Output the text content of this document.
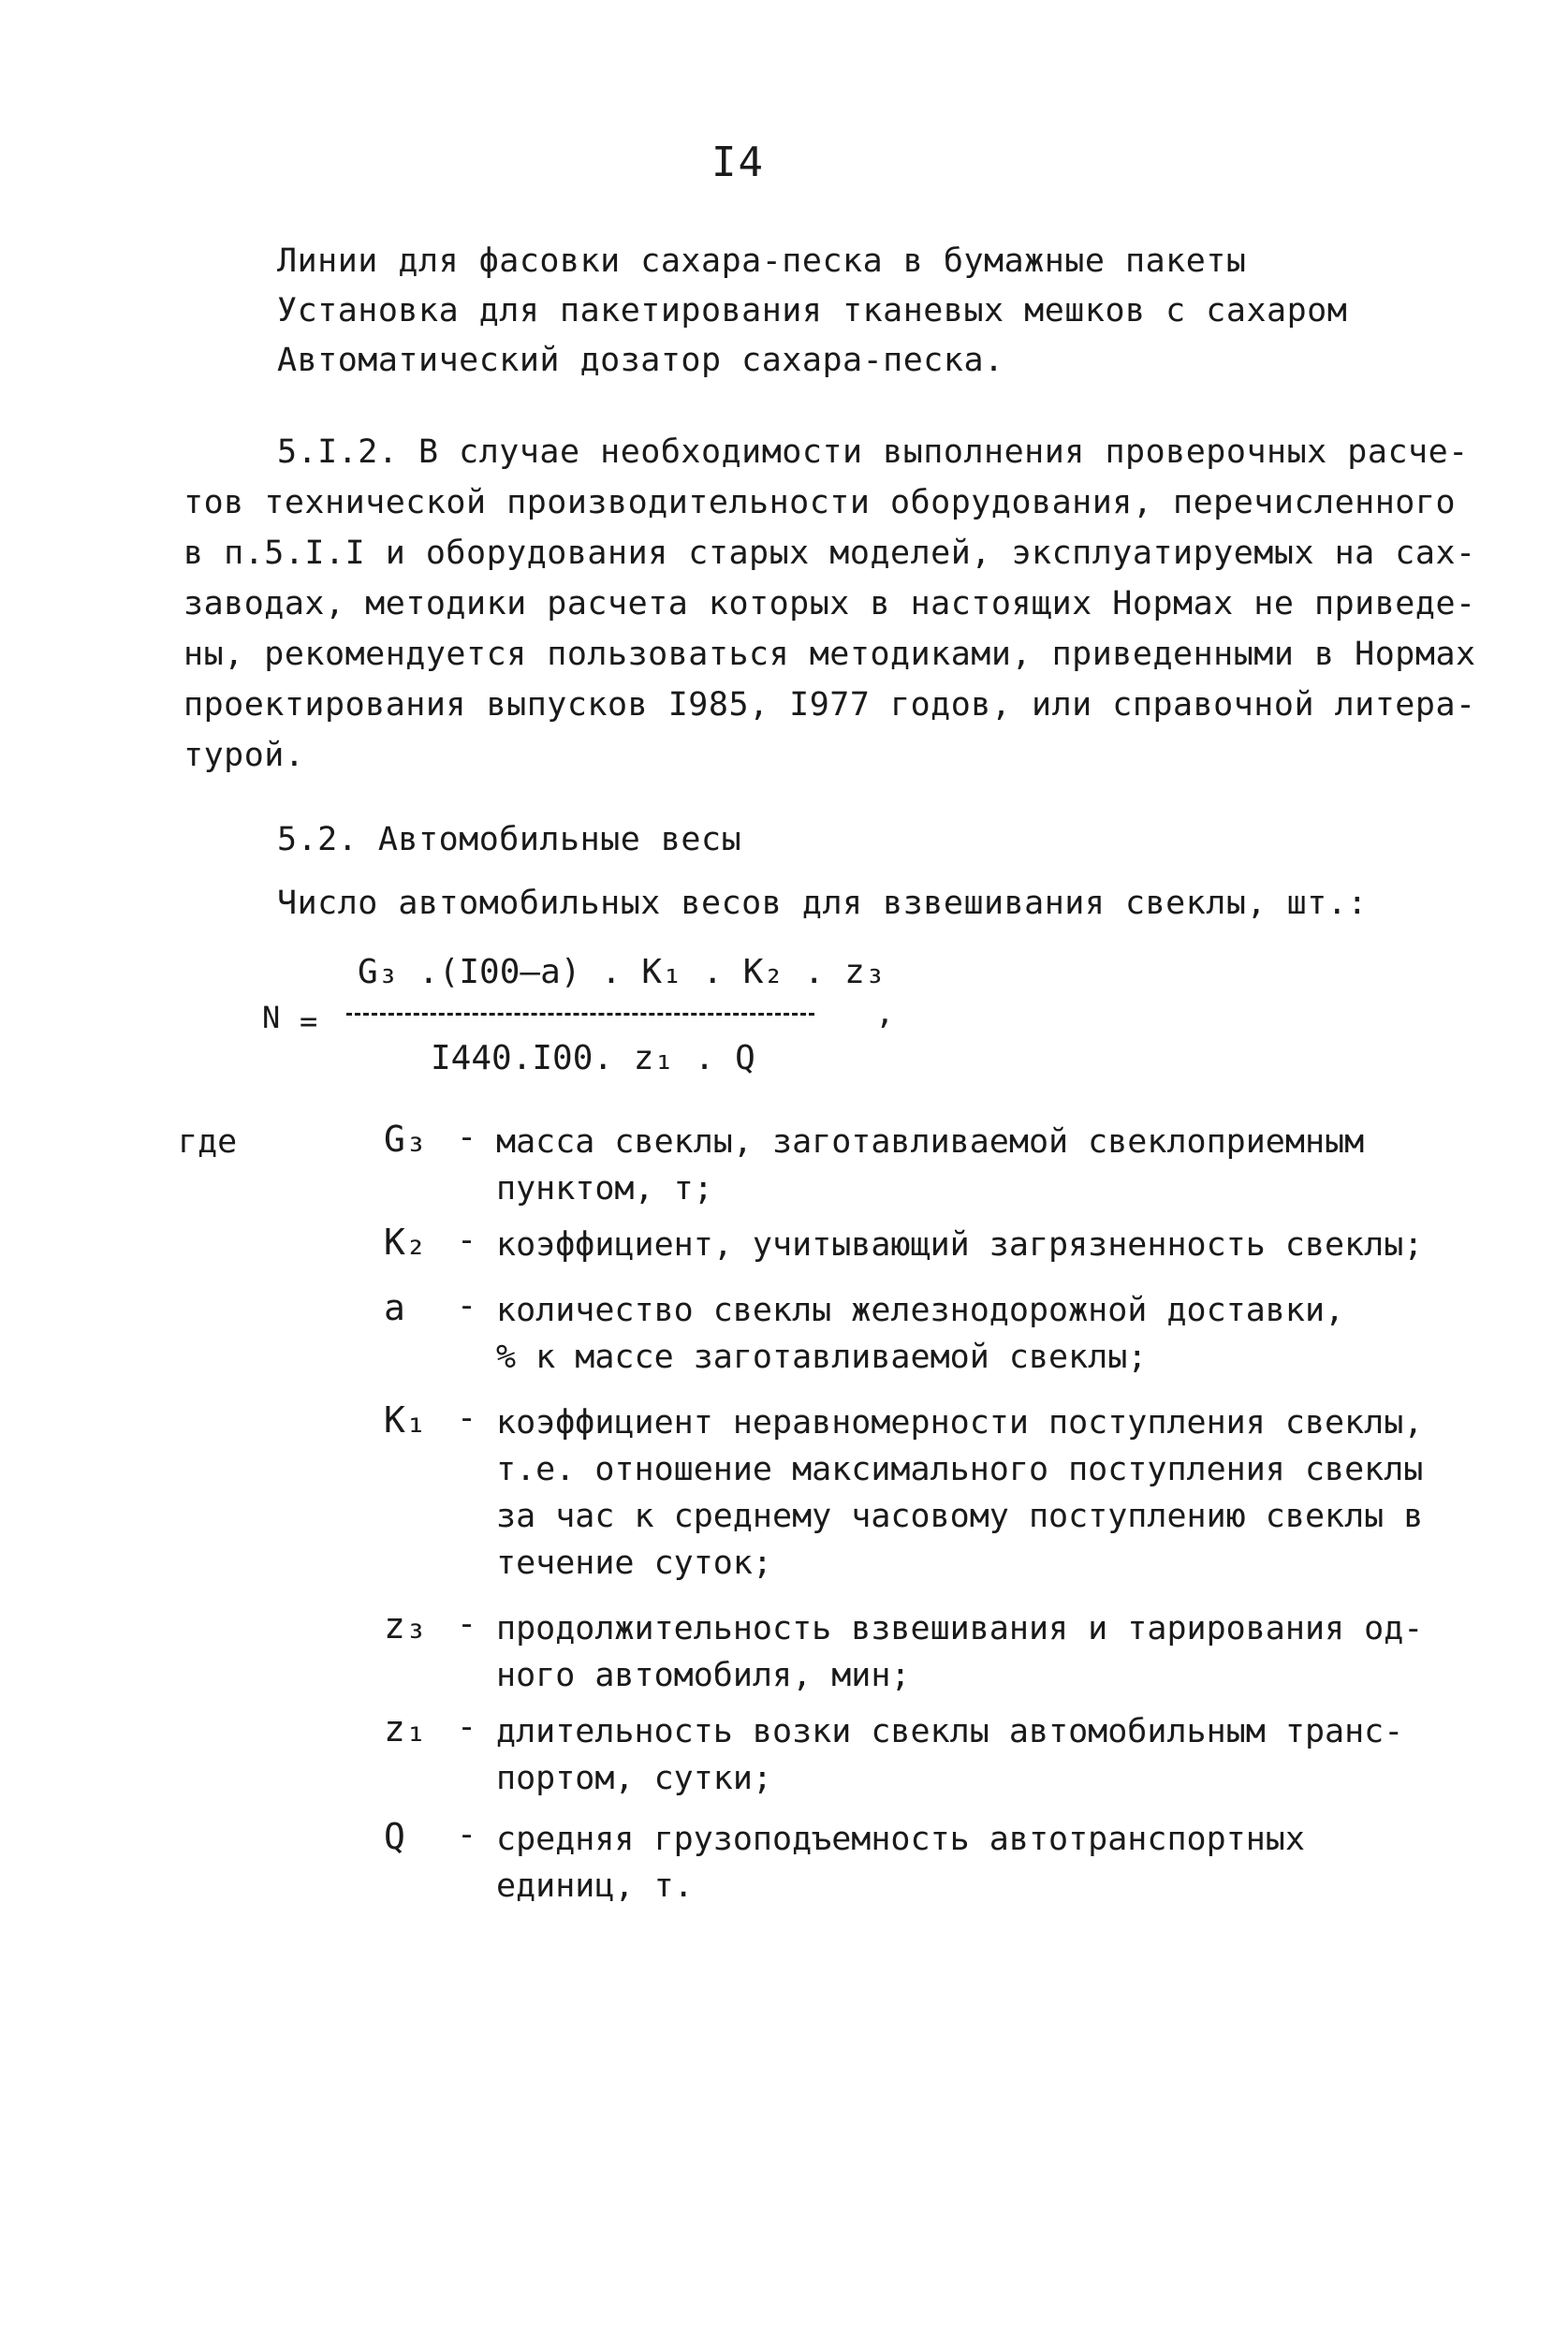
I4
Линии для фасовки сахара-песка в бумажные пакеты
Установка для пакетирования тканевых мешков с сахаром
Автоматический дозатор сахара-песка.
5.I.2. В случае необходимости выполнения проверочных расче-
тов технической производительности оборудования, перечисленного
в п.5.I.I и оборудования старых моделей, эксплуатируемых на сах-
заводах, методики расчета которых в настоящих Нормах не приведе-
ны, рекомендуется пользоваться методиками, приведенными в Нормах
проектирования выпусков I985, I977 годов, или справочной литера-
турой.
5.2. Автомобильные весы
Число автомобильных весов для взвешивания свеклы, шт.:
N =
G₃ .(I00–a) . K₁ . K₂ . z₃
I440.I00. z₁ . Q
,
где	G₃ - масса свеклы, заготавливаемой свеклоприемным
пунктом, т;
K₂ - коэффициент, учитывающий загрязненность свеклы;
a	- количество свеклы железнодорожной доставки,
% к массе заготавливаемой свеклы;
K₁ - коэффициент неравномерности поступления свеклы,
т.е. отношение максимального поступления свеклы
за час к среднему часовому поступлению свеклы в
течение суток;
z₃ - продолжительность взвешивания и тарирования од-
ного автомобиля, мин;
z₁ - длительность возки свеклы автомобильным транс-
портом, сутки;
Q	- средняя грузоподъемность автотранспортных
единиц, т.
